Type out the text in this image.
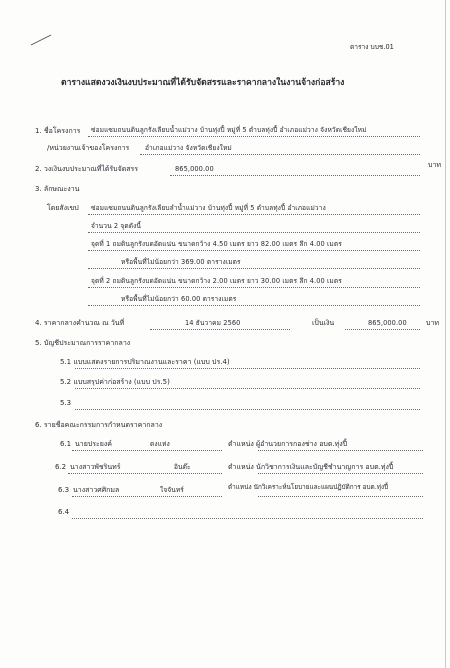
ตาราง บบช.01
ตารางแสดงวงเงินงบประมาณที่ได้รับจัดสรรและราคากลางในงานจ้างก่อสร้าง
1. ชื่อโครงการ ซ่อมแซมถนนดินลูกรังเลียบน้ำแม่วาง บ้านทุ่งปี้ หมู่ที่ 5 ตำบลทุ่งปี้ อำเภอแม่วาง จังหวัดเชียงใหม่
/หน่วยงานเจ้าของโครงการ อำเภอแม่วาง จังหวัดเชียงใหม่
2. วงเงินงบประมาณที่ได้รับจัดสรร	865,000.00	บาท
3. ลักษณะงาน
โดยสังเขป ซ่อมแซมถนนดินลูกรังเลียบลำน้ำแม่วาง บ้านทุ่งปี้ หมู่ที่ 5 ตำบลทุ่งปี้ อำเภอแม่วาง
จำนวน 2 จุดดังนี้
จุดที่ 1 ถมดินลูกรังบดอัดแน่น ขนาดกว้าง 4.50 เมตร ยาว 82.00 เมตร ลึก 4.00 เมตร
หรือพื้นที่ไม่น้อยกว่า 369.00 ตารางเมตร
จุดที่ 2 ถมดินลูกรังบดอัดแน่น ขนาดกว้าง 2.00 เมตร ยาว 30.00 เมตร ลึก 4.00 เมตร
หรือพื้นที่ไม่น้อยกว่า 60.00 ตารางเมตร
4. ราคากลางคำนวณ ณ วันที่	14 ธันวาคม 2560	เป็นเงิน	865,000.00	บาท
5. บัญชีประมาณการราคากลาง
5.1 แบบแสดงรายการปริมาณงานและราคา (แบบ ปร.4)
5.2 แบบสรุปค่าก่อสร้าง (แบบ ปร.5)
5.3
6. รายชื่อคณะกรรมการกำหนดราคากลาง
6.1 นายประยงค์	ดงแห่ง	ตำแหน่ง ผู้อำนวยการกองช่าง อบต.ทุ่งปี้
6.2 นางสาวพัชรินทร์	อินต๊ะ	ตำแหน่ง นักวิชาการเงินและบัญชีชำนาญการ อบต.ทุ่งปี้
6.3 นางสาวศศิกมล	ใจจันทร์	ตำแหน่ง นักวิเคราะห์นโยบายและแผนปฏิบัติการ อบต.ทุ่งปี้
6.4
